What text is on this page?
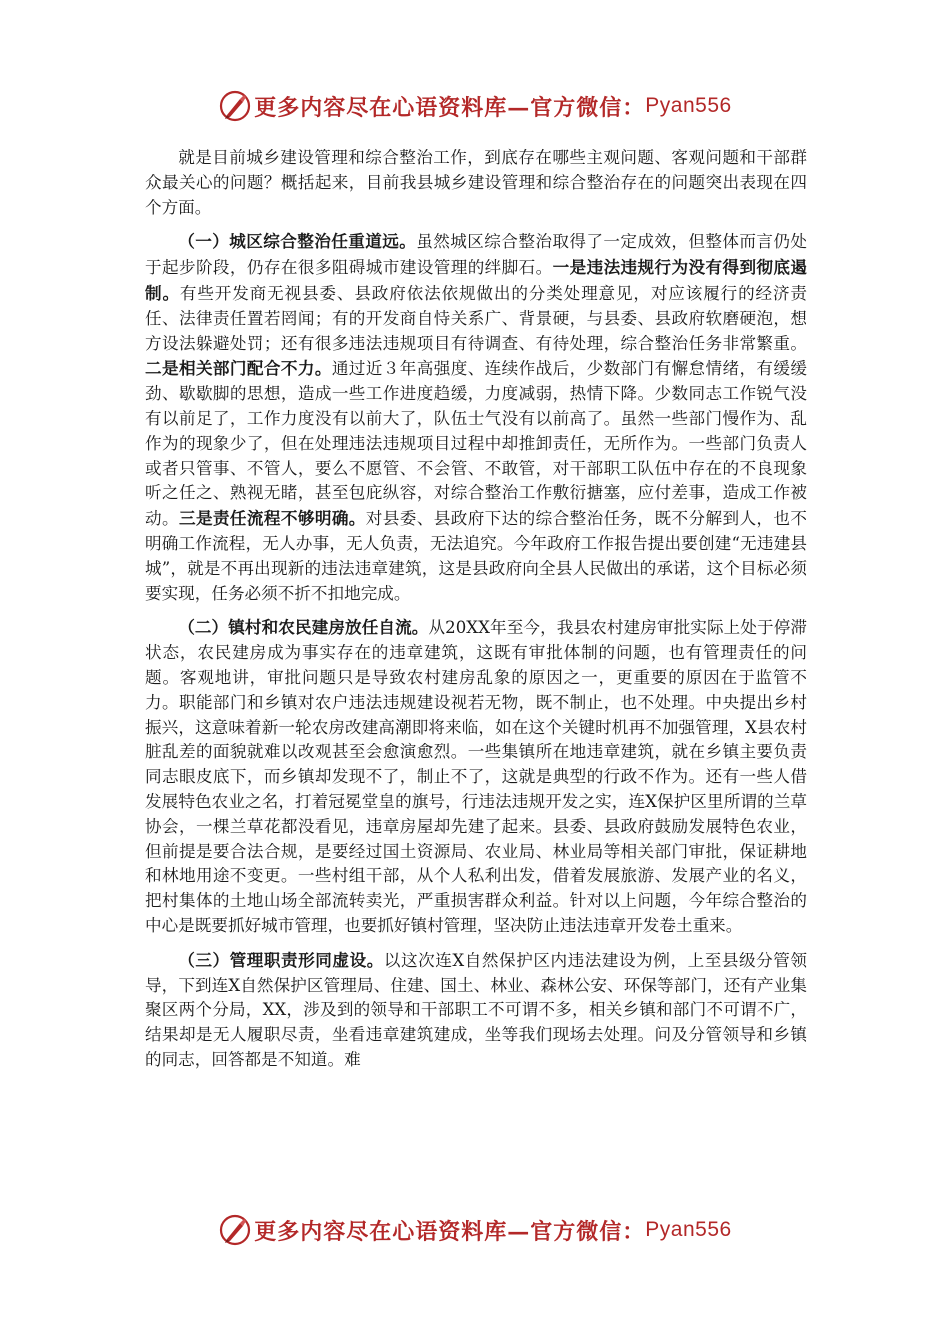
更多内容尽在心语资料库—官方微信： Pyan556

就是目前城乡建设管理和综合整治工作，到底存在哪些主观问题、客观问题和干部群众最关心的问题？概括起来，目前我县城乡建设管理和综合整治存在的问题突出表现在四个方面。

（一）城区综合整治任重道远。虽然城区综合整治取得了一定成效，但整体而言仍处于起步阶段，仍存在很多阻碍城市建设管理的绊脚石。一是违法违规行为没有得到彻底遏制。有些开发商无视县委、县政府依法依规做出的分类处理意见，对应该履行的经济责任、法律责任置若罔闻；有的开发商自恃关系广、背景硬，与县委、县政府软磨硬泡，想方设法躲避处罚；还有很多违法违规项目有待调查、有待处理，综合整治任务非常繁重。二是相关部门配合不力。通过近３年高强度、连续作战后，少数部门有懈怠情绪，有缓缓劲、歇歇脚的思想，造成一些工作进度趋缓，力度减弱，热情下降。少数同志工作锐气没有以前足了，工作力度没有以前大了，队伍士气没有以前高了。虽然一些部门慢作为、乱作为的现象少了，但在处理违法违规项目过程中却推卸责任，无所作为。一些部门负责人或者只管事、不管人，要么不愿管、不会管、不敢管，对干部职工队伍中存在的不良现象听之任之、熟视无睹，甚至包庇纵容，对综合整治工作敷衍搪塞，应付差事，造成工作被动。三是责任流程不够明确。对县委、县政府下达的综合整治任务，既不分解到人，也不明确工作流程，无人办事，无人负责，无法追究。今年政府工作报告提出要创建“无违建县城”，就是不再出现新的违法违章建筑，这是县政府向全县人民做出的承诺，这个目标必须要实现，任务必须不折不扣地完成。

（二）镇村和农民建房放任自流。从20XX年至今，我县农村建房审批实际上处于停滞状态，农民建房成为事实存在的违章建筑，这既有审批体制的问题，也有管理责任的问题。客观地讲，审批问题只是导致农村建房乱象的原因之一，更重要的原因在于监管不力。职能部门和乡镇对农户违法违规建设视若无物，既不制止，也不处理。中央提出乡村振兴，这意味着新一轮农房改建高潮即将来临，如在这个关键时机再不加强管理，X县农村脏乱差的面貌就难以改观甚至会愈演愈烈。一些集镇所在地违章建筑，就在乡镇主要负责同志眼皮底下，而乡镇却发现不了，制止不了，这就是典型的行政不作为。还有一些人借发展特色农业之名，打着冠冕堂皇的旗号，行违法违规开发之实，连X保护区里所谓的兰草协会，一棵兰草花都没看见，违章房屋却先建了起来。县委、县政府鼓励发展特色农业，但前提是要合法合规，是要经过国土资源局、农业局、林业局等相关部门审批，保证耕地和林地用途不变更。一些村组干部，从个人私利出发，借着发展旅游、发展产业的名义，把村集体的土地山场全部流转卖光，严重损害群众利益。针对以上问题，今年综合整治的中心是既要抓好城市管理，也要抓好镇村管理，坚决防止违法违章开发卷土重来。

（三）管理职责形同虚设。以这次连X自然保护区内违法建设为例，上至县级分管领导，下到连X自然保护区管理局、住建、国土、林业、森林公安、环保等部门，还有产业集聚区两个分局，XX，涉及到的领导和干部职工不可谓不多，相关乡镇和部门不可谓不广，结果却是无人履职尽责，坐看违章建筑建成，坐等我们现场去处理。问及分管领导和乡镇的同志，回答都是不知道。难

更多内容尽在心语资料库—官方微信： Pyan556
